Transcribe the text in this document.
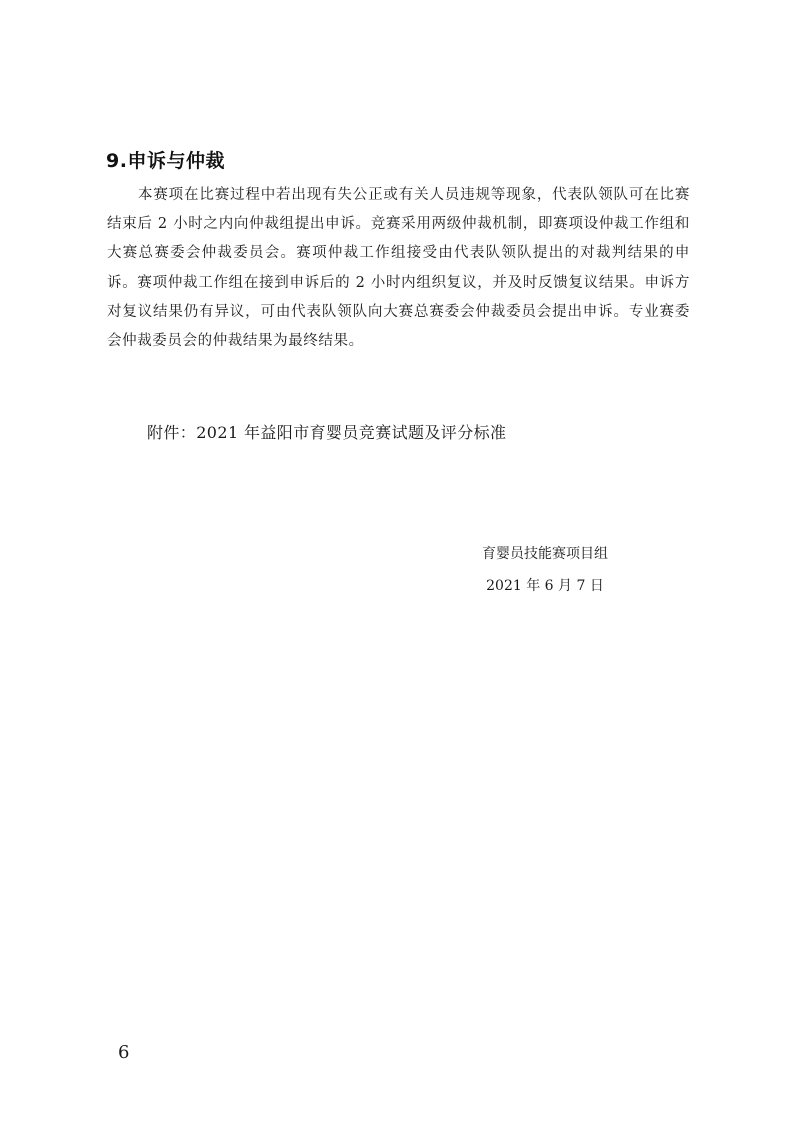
9.申诉与仲裁

本赛项在比赛过程中若出现有失公正或有关人员违规等现象，代表队领队可在比赛结束后 2 小时之内向仲裁组提出申诉。竞赛采用两级仲裁机制，即赛项设仲裁工作组和大赛总赛委会仲裁委员会。赛项仲裁工作组接受由代表队领队提出的对裁判结果的申诉。赛项仲裁工作组在接到申诉后的 2 小时内组织复议，并及时反馈复议结果。申诉方对复议结果仍有异议，可由代表队领队向大赛总赛委会仲裁委员会提出申诉。专业赛委会仲裁委员会的仲裁结果为最终结果。

附件：2021 年益阳市育婴员竞赛试题及评分标准

育婴员技能赛项目组
2021 年 6 月 7 日
6
